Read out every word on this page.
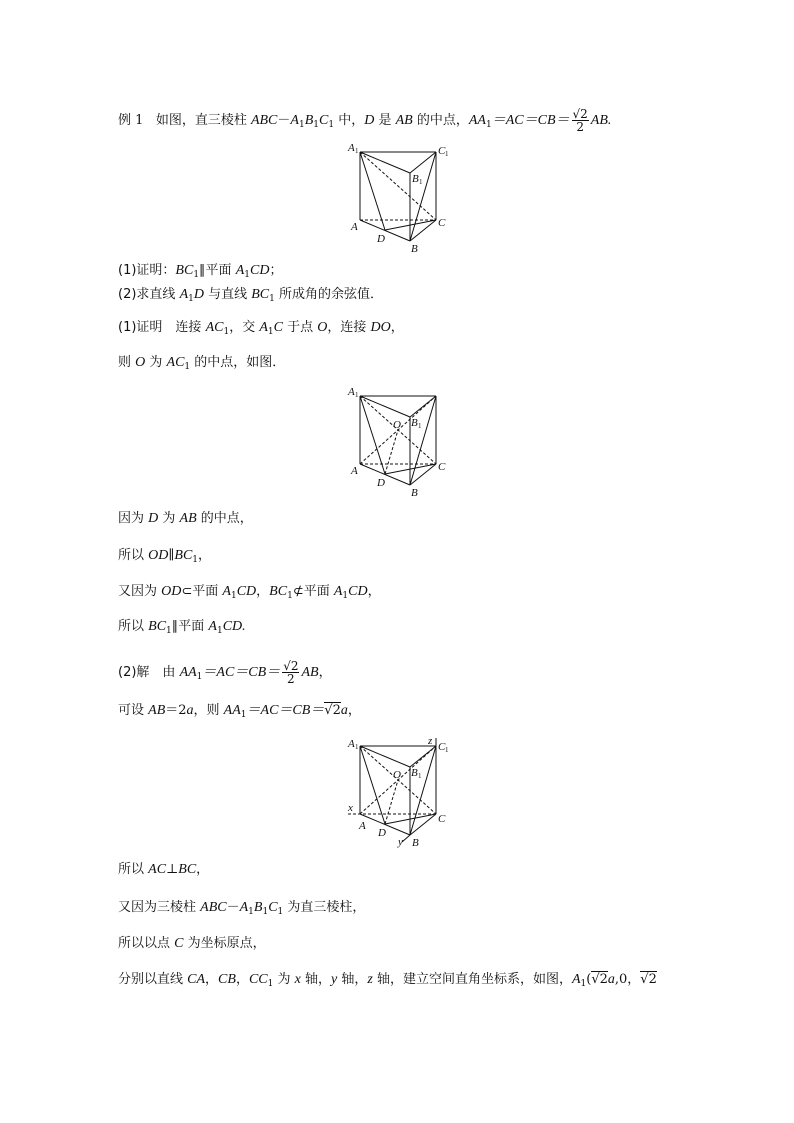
例 1 如图，直三棱柱 $ABC-A_1B_1C_1$ 中，D 是 AB 的中点，$AA_1=AC=CB= \frac{√2}{2}$ AB.
A 1	C 1
B 1
A	C
D
B
(1)证明：$BC_1\parallel$平面 $A_1CD$；
(2)求直线 $A_1D$ 与直线 $BC_1$ 所成角的余弦值．
(1)证明　连接 $AC_1$，交 $A_1C$ 于点 O，连接 DO，
则 O 为 $AC_1$ 的中点，如图．
A 1
B 1
O
A	C
D
B
因为 D 为 AB 的中点，
所以 $OD\parallel BC_1$，
又因为 OD⊂平面 $A_1CD$，$BC_1⊄$平面 $A_1CD$，
所以 $BC_1\parallel$平面 $A_1CD$.
(2)解　由 $AA_1=AC=CB= \frac{√2}{2}$ AB，
可设 AB＝2a，则 $AA_1=AC=CB=√2a$，
A 1	z C 1
B 1
O
x
A
C
D
y B
所以 AC⊥BC，
又因为三棱柱 $ABC-A_1B_1C_1$ 为直三棱柱，
所以以点 C 为坐标原点，
分别以直线 CA，CB，$CC_1$ 为 x 轴，y 轴，z 轴，建立空间直角坐标系，如图，$A_1(√2a,0$，√2
